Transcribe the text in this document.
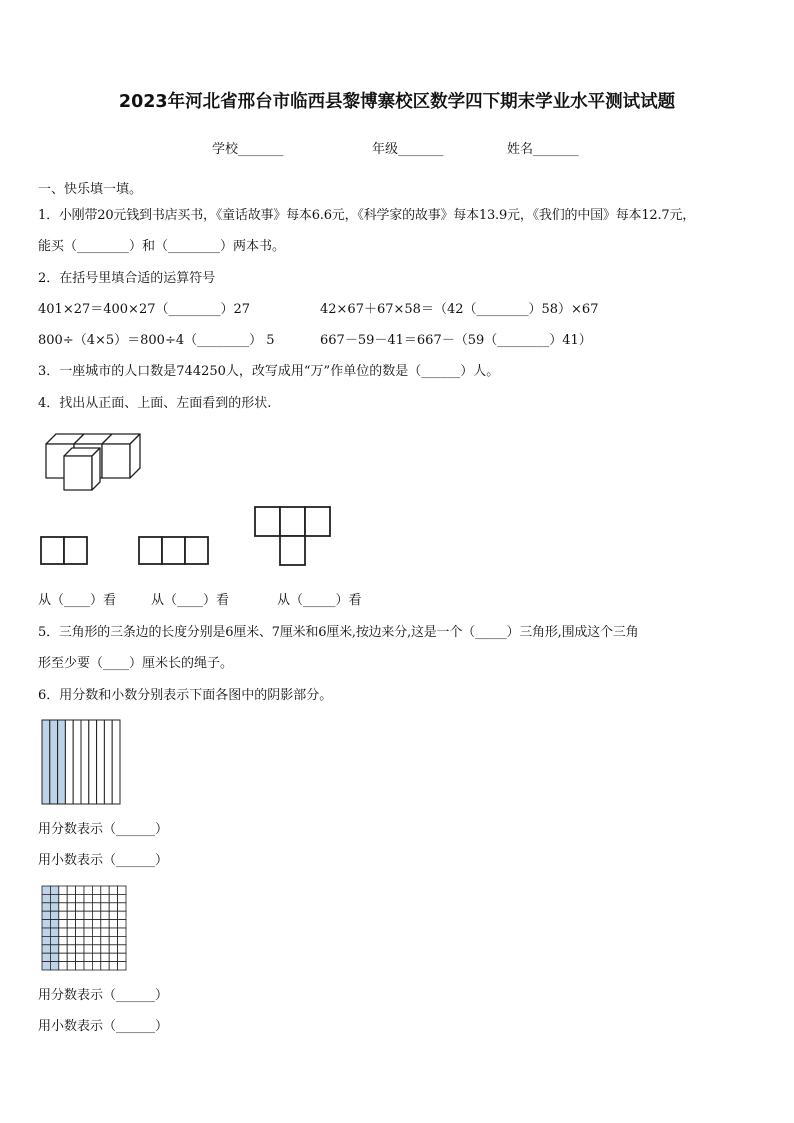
2023年河北省邢台市临西县黎博寨校区数学四下期末学业水平测试试题
学校_______	年级_______	姓名_______
一、快乐填一填。
1．小刚带20元钱到书店买书，《童话故事》每本6.6元，《科学家的故事》每本13.9元，《我们的中国》每本12.7元，
能买（________）和（________）两本书。
2．在括号里填合适的运算符号
401×27＝400×27（________）27	42×67＋67×58＝（42（________）58）×67
800÷（4×5）＝800÷4（________） 5	667－59－41＝667－（59（________）41）
3．一座城市的人口数是744250人，改写成用“万”作单位的数是（______）人。
4．找出从正面、上面、左面看到的形状.
从（____）看	从（____）看	从（_____）看
5．三角形的三条边的长度分别是6厘米、7厘米和6厘米,按边来分,这是一个（_____）三角形,围成这个三角
形至少要（____）厘米长的绳子。
6．用分数和小数分别表示下面各图中的阴影部分。
用分数表示（______）
用小数表示（______）
用分数表示（______）
用小数表示（______）
